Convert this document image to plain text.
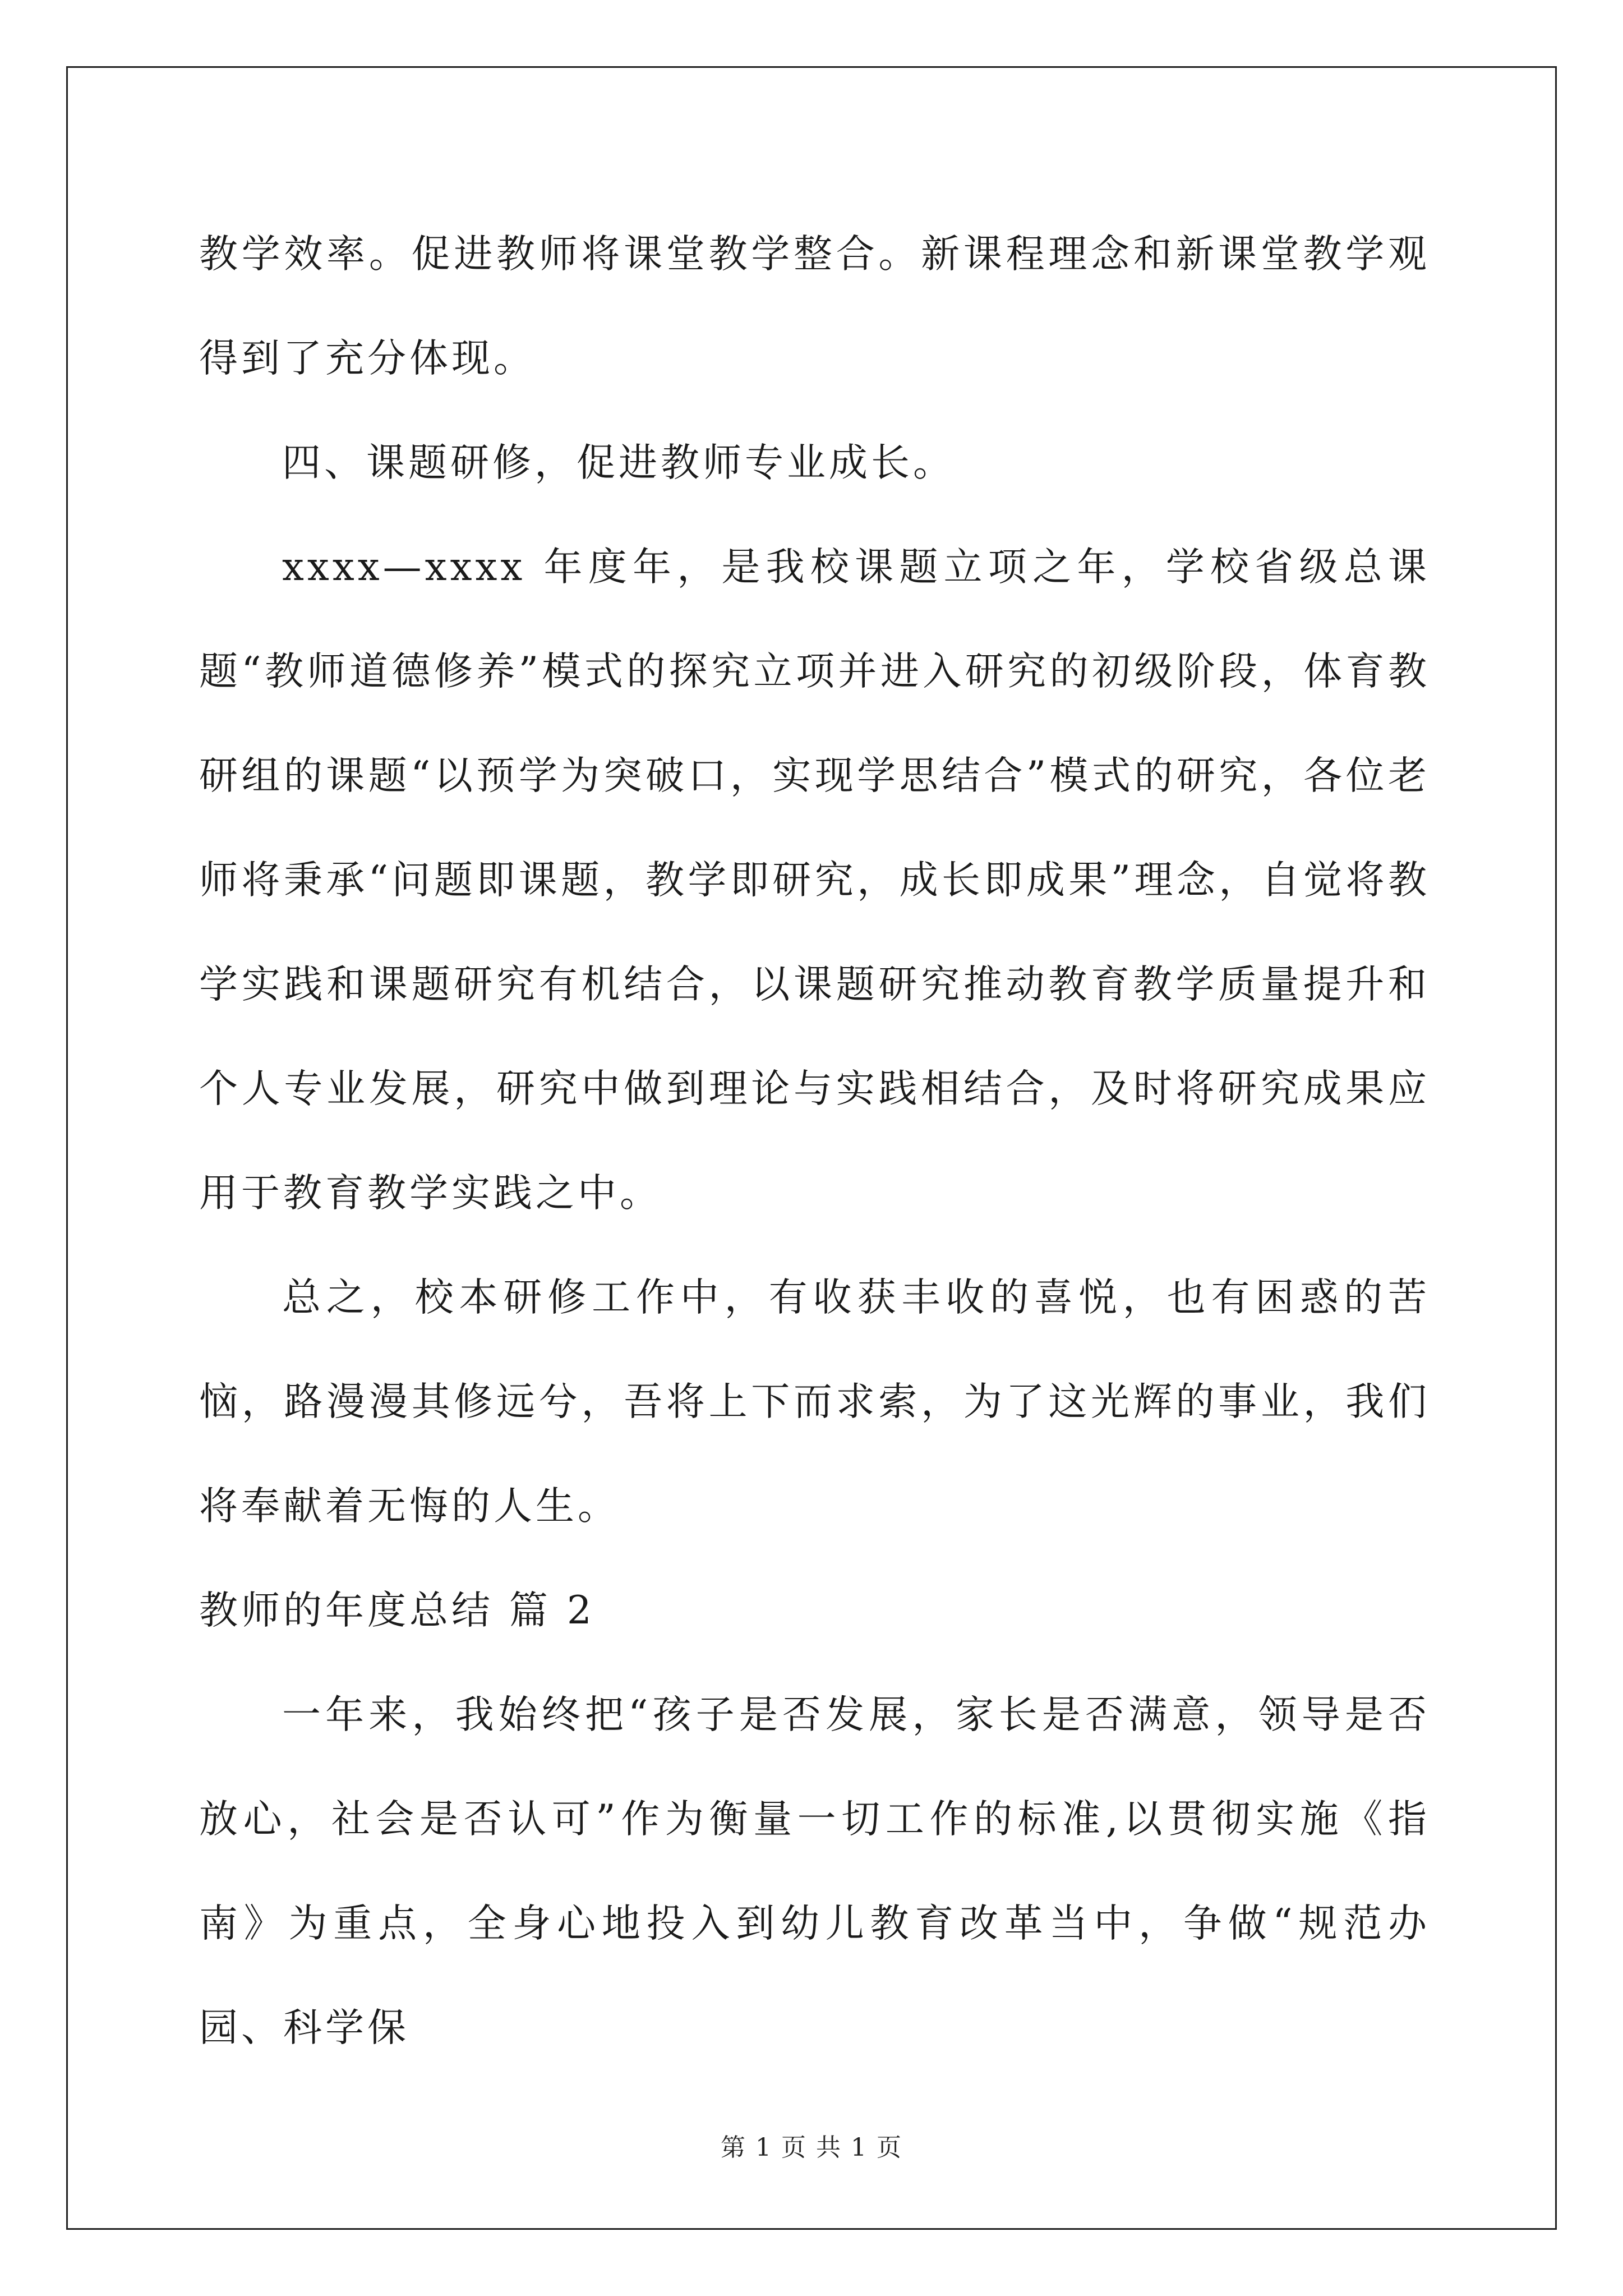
教学效率。促进教师将课堂教学整合。新课程理念和新课堂教学观得到了充分体现。

四、课题研修，促进教师专业成长。

xxxx—xxxx 年度年，是我校课题立项之年，学校省级总课题“教师道德修养”模式的探究立项并进入研究的初级阶段，体育教研组的课题“以预学为突破口，实现学思结合”模式的研究，各位老师将秉承“问题即课题，教学即研究，成长即成果”理念，自觉将教学实践和课题研究有机结合，以课题研究推动教育教学质量提升和个人专业发展，研究中做到理论与实践相结合，及时将研究成果应用于教育教学实践之中。

总之，校本研修工作中，有收获丰收的喜悦，也有困惑的苦恼，路漫漫其修远兮，吾将上下而求索，为了这光辉的事业，我们将奉献着无悔的人生。

教师的年度总结 篇 2

一年来，我始终把“孩子是否发展，家长是否满意，领导是否放心，社会是否认可”作为衡量一切工作的标准,以贯彻实施《指南》为重点，全身心地投入到幼儿教育改革当中，争做“规范办园、科学保

第 1 页 共 1 页
